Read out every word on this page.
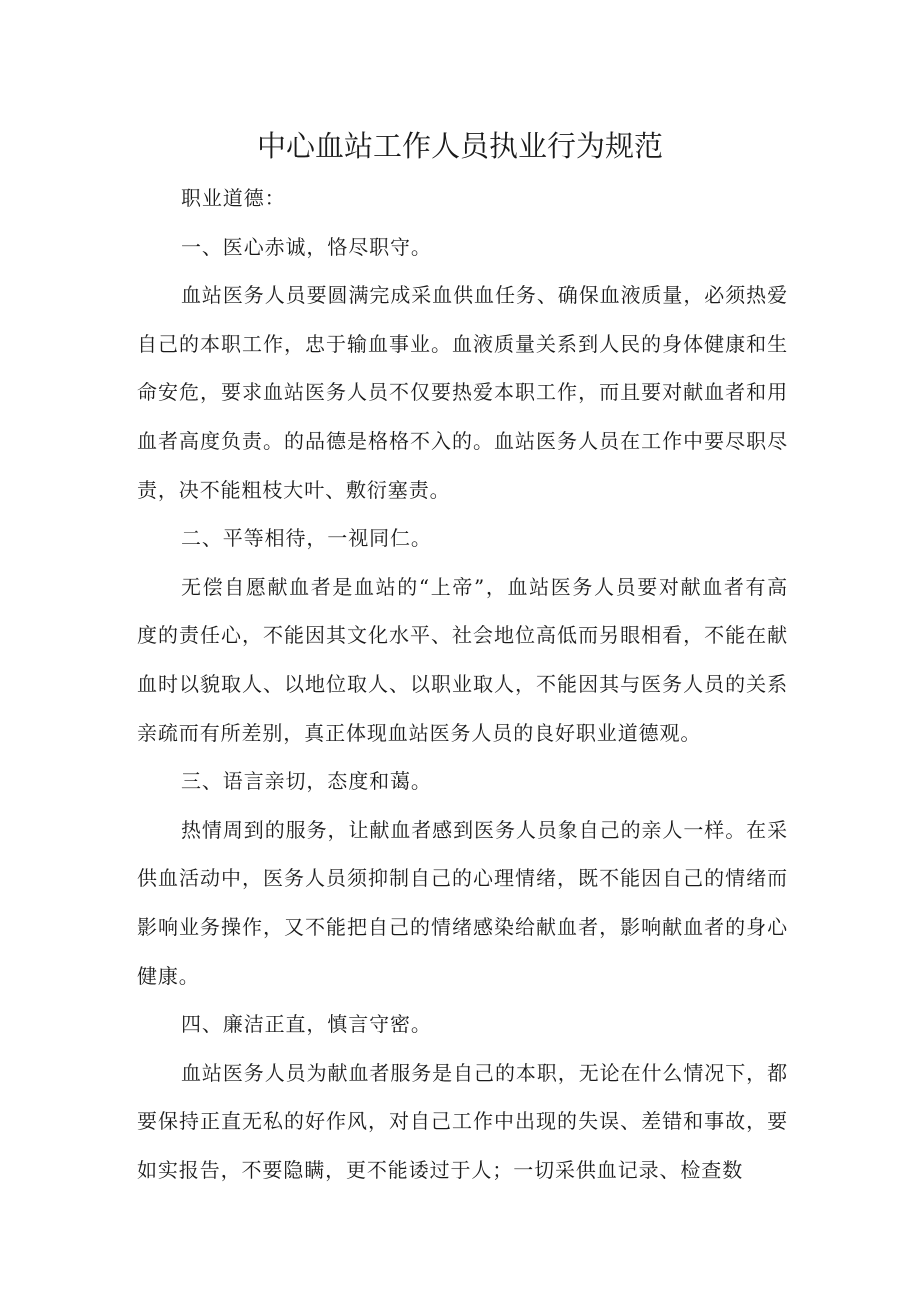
中心血站工作人员执业行为规范

职业道德：

一、医心赤诚，恪尽职守。

血站医务人员要圆满完成采血供血任务、确保血液质量，必须热爱自己的本职工作，忠于输血事业。血液质量关系到人民的身体健康和生命安危，要求血站医务人员不仅要热爱本职工作，而且要对献血者和用血者高度负责。的品德是格格不入的。血站医务人员在工作中要尽职尽责，决不能粗枝大叶、敷衍塞责。

二、平等相待，一视同仁。

无偿自愿献血者是血站的“上帝”，血站医务人员要对献血者有高度的责任心，不能因其文化水平、社会地位高低而另眼相看，不能在献血时以貌取人、以地位取人、以职业取人，不能因其与医务人员的关系亲疏而有所差别，真正体现血站医务人员的良好职业道德观。

三、语言亲切，态度和蔼。

热情周到的服务，让献血者感到医务人员象自己的亲人一样。在采供血活动中，医务人员须抑制自己的心理情绪，既不能因自己的情绪而影响业务操作，又不能把自己的情绪感染给献血者，影响献血者的身心健康。

四、廉洁正直，慎言守密。

血站医务人员为献血者服务是自己的本职，无论在什么情况下，都要保持正直无私的好作风，对自己工作中出现的失误、差错和事故，要如实报告，不要隐瞒，更不能诿过于人；一切采供血记录、检查数
